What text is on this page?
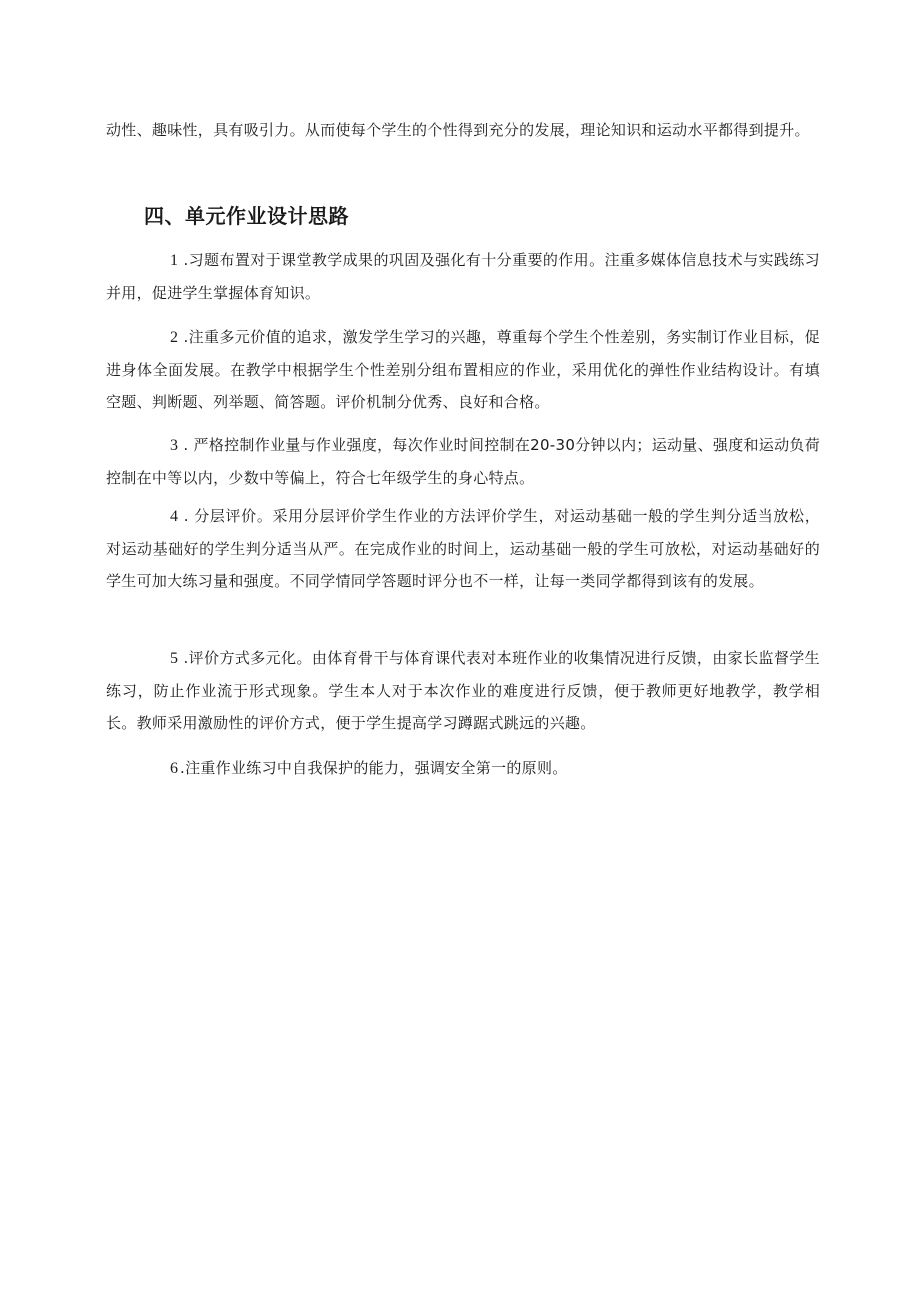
动性、趣味性，具有吸引力。从而使每个学生的个性得到充分的发展，理论知识和运动水平都得到提升。

四、单元作业设计思路

1 .习题布置对于课堂教学成果的巩固及强化有十分重要的作用。注重多媒体信息技术与实践练习并用，促进学生掌握体育知识。

2 .注重多元价值的追求，激发学生学习的兴趣，尊重每个学生个性差别，务实制订作业目标，促进身体全面发展。在教学中根据学生个性差别分组布置相应的作业，采用优化的弹性作业结构设计。有填空题、判断题、列举题、简答题。评价机制分优秀、良好和合格。

3 . 严格控制作业量与作业强度，每次作业时间控制在20-30分钟以内；运动量、强度和运动负荷控制在中等以内，少数中等偏上，符合七年级学生的身心特点。

4 . 分层评价。采用分层评价学生作业的方法评价学生，对运动基础一般的学生判分适当放松，对运动基础好的学生判分适当从严。在完成作业的时间上，运动基础一般的学生可放松，对运动基础好的学生可加大练习量和强度。不同学情同学答题时评分也不一样，让每一类同学都得到该有的发展。

5 .评价方式多元化。由体育骨干与体育课代表对本班作业的收集情况进行反馈，由家长监督学生练习，防止作业流于形式现象。学生本人对于本次作业的难度进行反馈，便于教师更好地教学，教学相长。教师采用激励性的评价方式，便于学生提高学习蹲踞式跳远的兴趣。

6 .注重作业练习中自我保护的能力，强调安全第一的原则。
